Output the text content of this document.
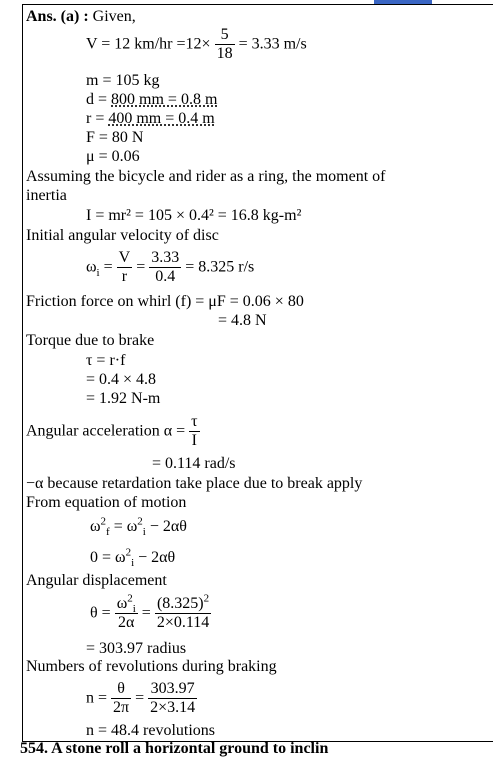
Ans. (a) : Given,
V = 12 $km/hr =12\times \frac{5}{18} = 3.33$ m/s
m = 105 kg
d = 800 mm = 0.8 m
r = 400 mm = 0.4 m
F = 80 N
μ = 0.06
Assuming the bicycle and rider as a ring, the moment of
inertia
I = mr² = 105 × 0.4² = 16.8 kg-m²
Initial angular velocity of disc
$\omega_i = \frac{V}{r} = \frac{3.33}{0.4} = 8.325$ r/s
Friction force on whirl (f) = μF = 0.06 × 80
= 4.8 N
Torque due to brake
τ = r·f
= 0.4 × 4.8
= 1.92 N-m
Angular acceleration $\alpha = \frac{\tau}{I}$
= 0.114 rad/s
−α because retardation take place due to break apply
From equation of motion
$\omega^2_f = \omega^2_i - 2\alpha\theta$
$0 = \omega^2_i - 2\alpha\theta$
Angular displacement
$\theta = \frac{\omega^2_i}{2\alpha} = \frac{(8.325)^2}{2\times 0.114}$
= 303.97 radius
Numbers of revolutions during braking
$n = \frac{\theta}{2\pi} = \frac{303.97}{2\times 3.14}$
n = 48.4 revolutions
554. A stone roll a horizontal ground to inclin
